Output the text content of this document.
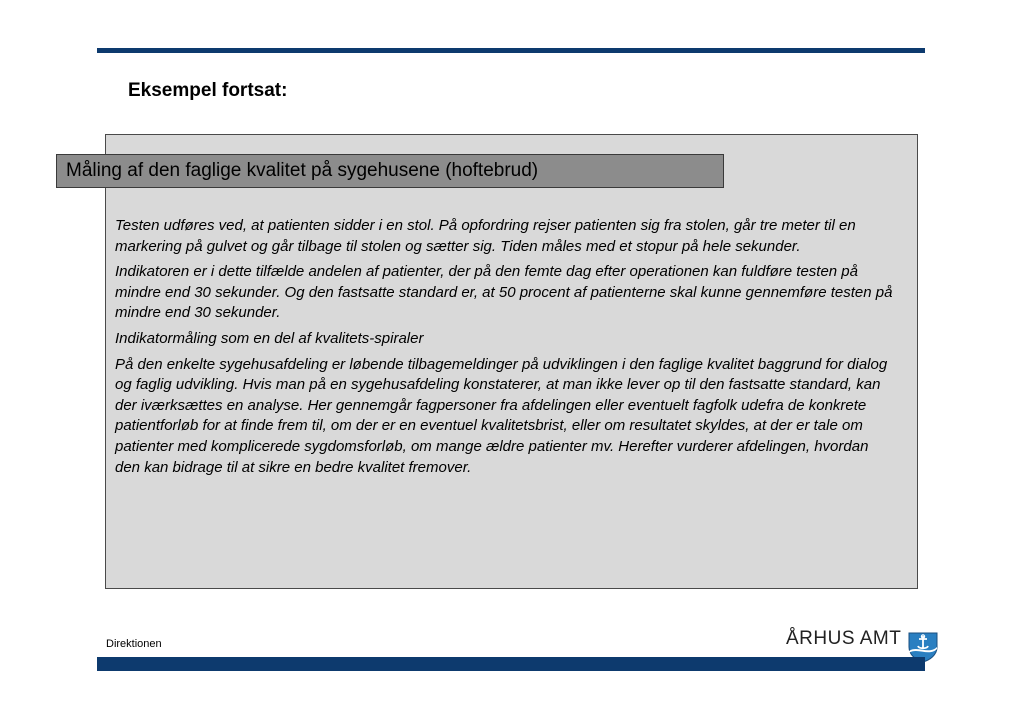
Eksempel fortsat:
Måling af den faglige kvalitet på sygehusene (hoftebrud)

Testen udføres ved, at patienten sidder i en stol. På opfordring rejser patienten sig fra stolen, går tre meter til en markering på gulvet og går tilbage til stolen og sætter sig. Tiden måles med et stopur på hele sekunder.

Indikatoren er i dette tilfælde andelen af patienter, der på den femte dag efter operationen kan fuldføre testen på mindre end 30 sekunder. Og den fastsatte standard er, at 50 procent af patienterne skal kunne gennemføre testen på mindre end 30 sekunder.

Indikatormåling som en del af kvalitets-spiraler

På den enkelte sygehusafdeling er løbende tilbagemeldinger på udviklingen i den faglige kvalitet baggrund for dialog og faglig udvikling. Hvis man på en sygehusafdeling konstaterer, at man ikke lever op til den fastsatte standard, kan der iværksættes en analyse. Her gennemgår fagpersoner fra afdelingen eller eventuelt fagfolk udefra de konkrete patientforløb for at finde frem til, om der er en eventuel kvalitetsbrist, eller om resultatet skyldes, at der er tale om patienter med komplicerede sygdomsforløb, om mange ældre patienter mv. Herefter vurderer afdelingen, hvordan den kan bidrage til at sikre en bedre kvalitet fremover.

Direktionen	ÅRHUS AMT
